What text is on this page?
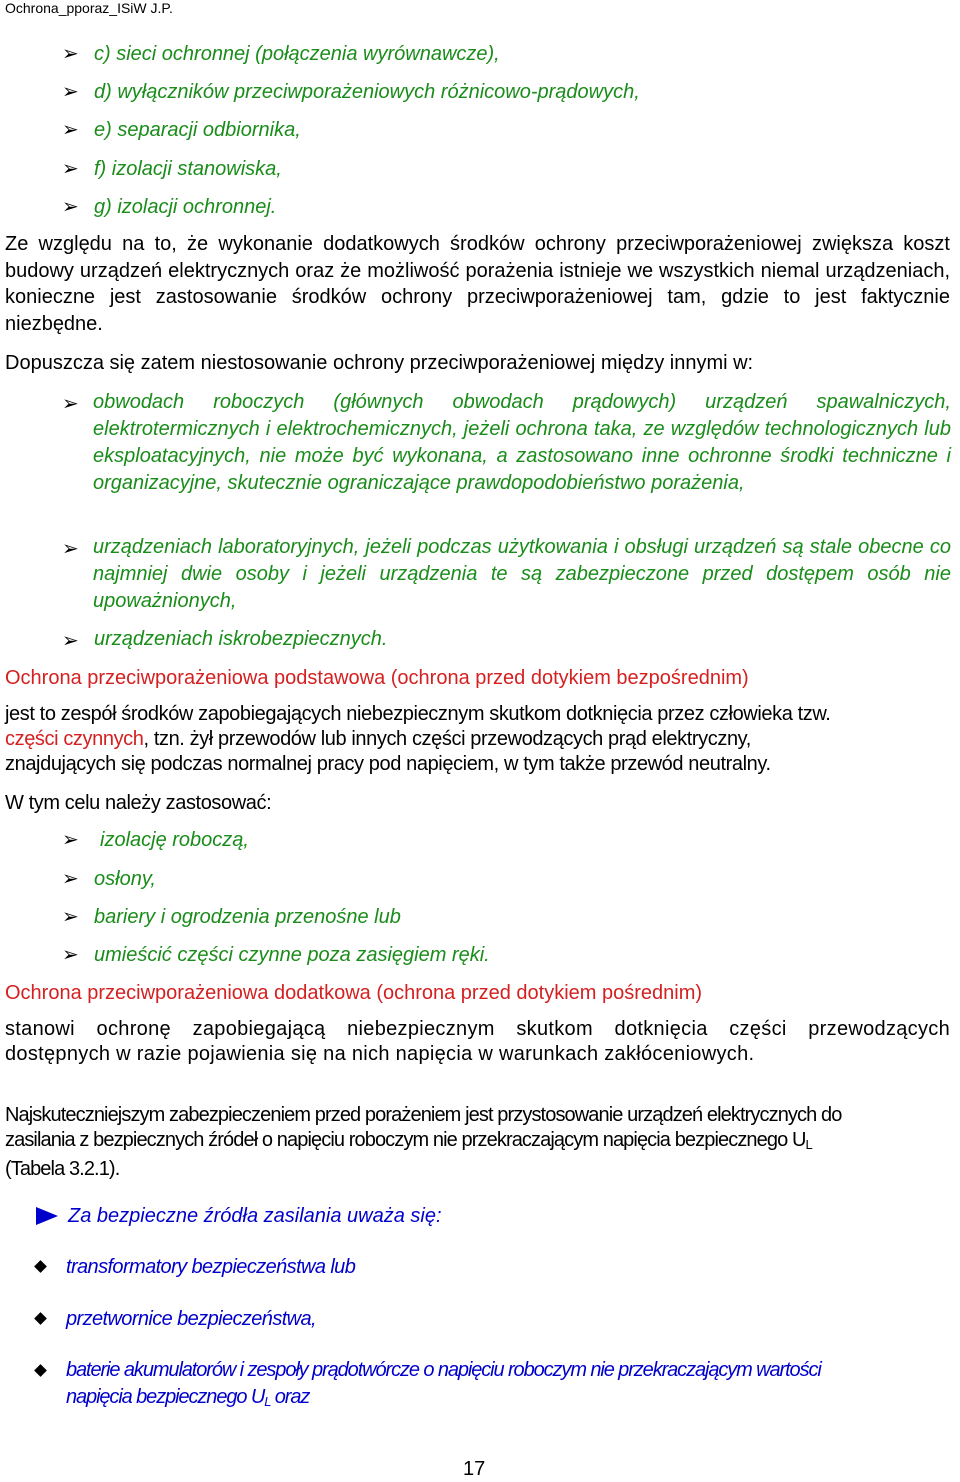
Ochrona_pporaz_ISiW J.P.
➢ c) sieci ochronnej (połączenia wyrównawcze),
➢ d) wyłączników przeciwporażeniowych różnicowo-prądowych,
➢ e) separacji odbiornika,
➢ f) izolacji stanowiska,
➢ g) izolacji ochronnej.
Ze względu na to, że wykonanie dodatkowych środków ochrony przeciwporażeniowej zwiększa koszt budowy urządzeń elektrycznych oraz że możliwość porażenia istnieje we wszystkich niemal urządzeniach, konieczne jest zastosowanie środków ochrony przeciwporażeniowej tam, gdzie to jest faktycznie niezbędne.
Dopuszcza się zatem niestosowanie ochrony przeciwporażeniowej między innymi w:
➢ obwodach roboczych (głównych obwodach prądowych) urządzeń spawalniczych, elektrotermicznych i elektrochemicznych, jeżeli ochrona taka, ze względów technologicznych lub eksploatacyjnych, nie może być wykonana, a zastosowano inne ochronne środki techniczne i organizacyjne, skutecznie ograniczające prawdopodobieństwo porażenia,
➢ urządzeniach laboratoryjnych, jeżeli podczas użytkowania i obsługi urządzeń są stale obecne co najmniej dwie osoby i jeżeli urządzenia te są zabezpieczone przed dostępem osób nie upoważnionych,
➢ urządzeniach iskrobezpiecznych.
Ochrona przeciwporażeniowa podstawowa (ochrona przed dotykiem bezpośrednim)
jest to zespół środków zapobiegających niebezpiecznym skutkom dotknięcia przez człowieka tzw.
części czynnych, tzn. żył przewodów lub innych części przewodzących prąd elektryczny,
znajdujących się podczas normalnej pracy pod napięciem, w tym także przewód neutralny.
W tym celu należy zastosować:
➢ izolację roboczą,
➢ osłony,
➢ bariery i ogrodzenia przenośne lub
➢ umieścić części czynne poza zasięgiem ręki.
Ochrona przeciwporażeniowa dodatkowa (ochrona przed dotykiem pośrednim)
stanowi ochronę zapobiegającą niebezpiecznym skutkom dotknięcia części przewodzących dostępnych w razie pojawienia się na nich napięcia w warunkach zakłóceniowych.
Najskuteczniejszym zabezpieczeniem przed porażeniem jest przystosowanie urządzeń elektrycznych do
zasilania z bezpiecznych źródeł o napięciu roboczym nie przekraczającym napięcia bezpiecznego $U_L$
(Tabela 3.2.1).
Za bezpieczne źródła zasilania uważa się:
transformatory bezpieczeństwa lub
przetwornice bezpieczeństwa,
baterie akumulatorów i zespoły prądotwórcze o napięciu roboczym nie przekraczającym wartości
napięcia bezpiecznego $U_L$ oraz
17
